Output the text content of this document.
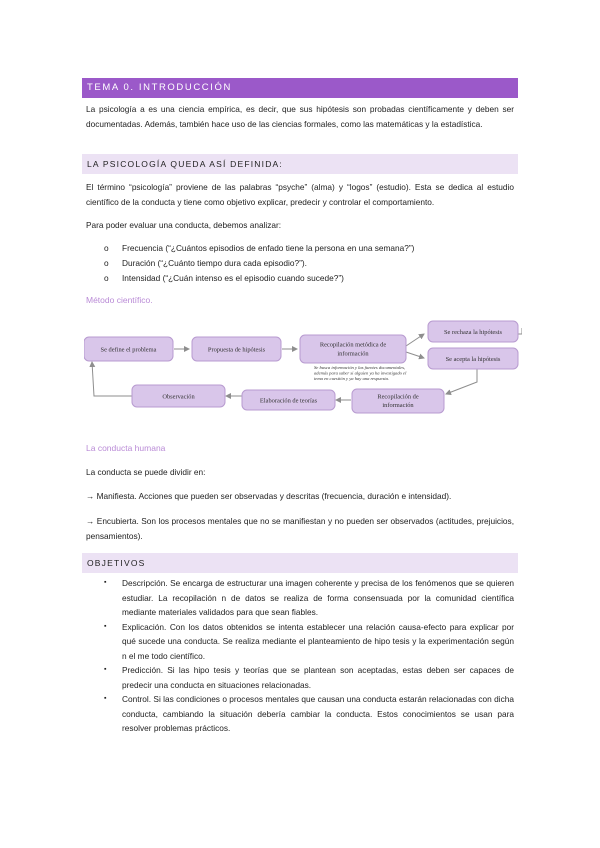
TEMA 0. INTRODUCCIÓN

La psicología a es una ciencia empírica, es decir, que sus hipótesis son probadas científicamente y deben ser documentadas. Además, también hace uso de las ciencias formales, como las matemáticas y la estadística.

LA PSICOLOGÍA QUEDA ASÍ DEFINIDA:

El término “psicología” proviene de las palabras “psyche” (alma) y “logos” (estudio). Esta se dedica al estudio científico de la conducta y tiene como objetivo explicar, predecir y controlar el comportamiento.

Para poder evaluar una conducta, debemos analizar:

o Frecuencia (“¿Cuántos episodios de enfado tiene la persona en una semana?”)
o Duración (“¿Cuánto tiempo dura cada episodio?”).
o Intensidad (“¿Cuán intenso es el episodio cuando sucede?”)
Método científico.
Se define el problema	Propuesta de hipótesis
Recopilación metódica de
información
Se rechaza la hipótesis
Se acepta la hipótesis
Recopilación de
información
Elaboración de teorías
Observación
Se busca información y las fuentes documentales,
además para saber si alguien ya ha investigado el
tema en cuestión y ya hay una respuesta.
La conducta humana

La conducta se puede dividir en:

→ Manifiesta. Acciones que pueden ser observadas y descritas (frecuencia, duración e intensidad).

→ Encubierta. Son los procesos mentales que no se manifiestan y no pueden ser observados (actitudes, prejuicios, pensamientos).

OBJETIVOS
▪ Descripción. Se encarga de estructurar una imagen coherente y precisa de los fenómenos que se quieren estudiar. La recopilación n de datos se realiza de forma consensuada por la comunidad científica mediante materiales validados para que sean fiables.
▪ Explicación. Con los datos obtenidos se intenta establecer una relación causa-efecto para explicar por qué sucede una conducta. Se realiza mediante el planteamiento de hipo tesis y la experimentación según n el me todo científico.
▪ Predicción. Si las hipo tesis y teorías que se plantean son aceptadas, estas deben ser capaces de predecir una conducta en situaciones relacionadas.
▪ Control. Si las condiciones o procesos mentales que causan una conducta estarán relacionadas con dicha conducta, cambiando la situación debería cambiar la conducta. Estos conocimientos se usan para resolver problemas prácticos.
